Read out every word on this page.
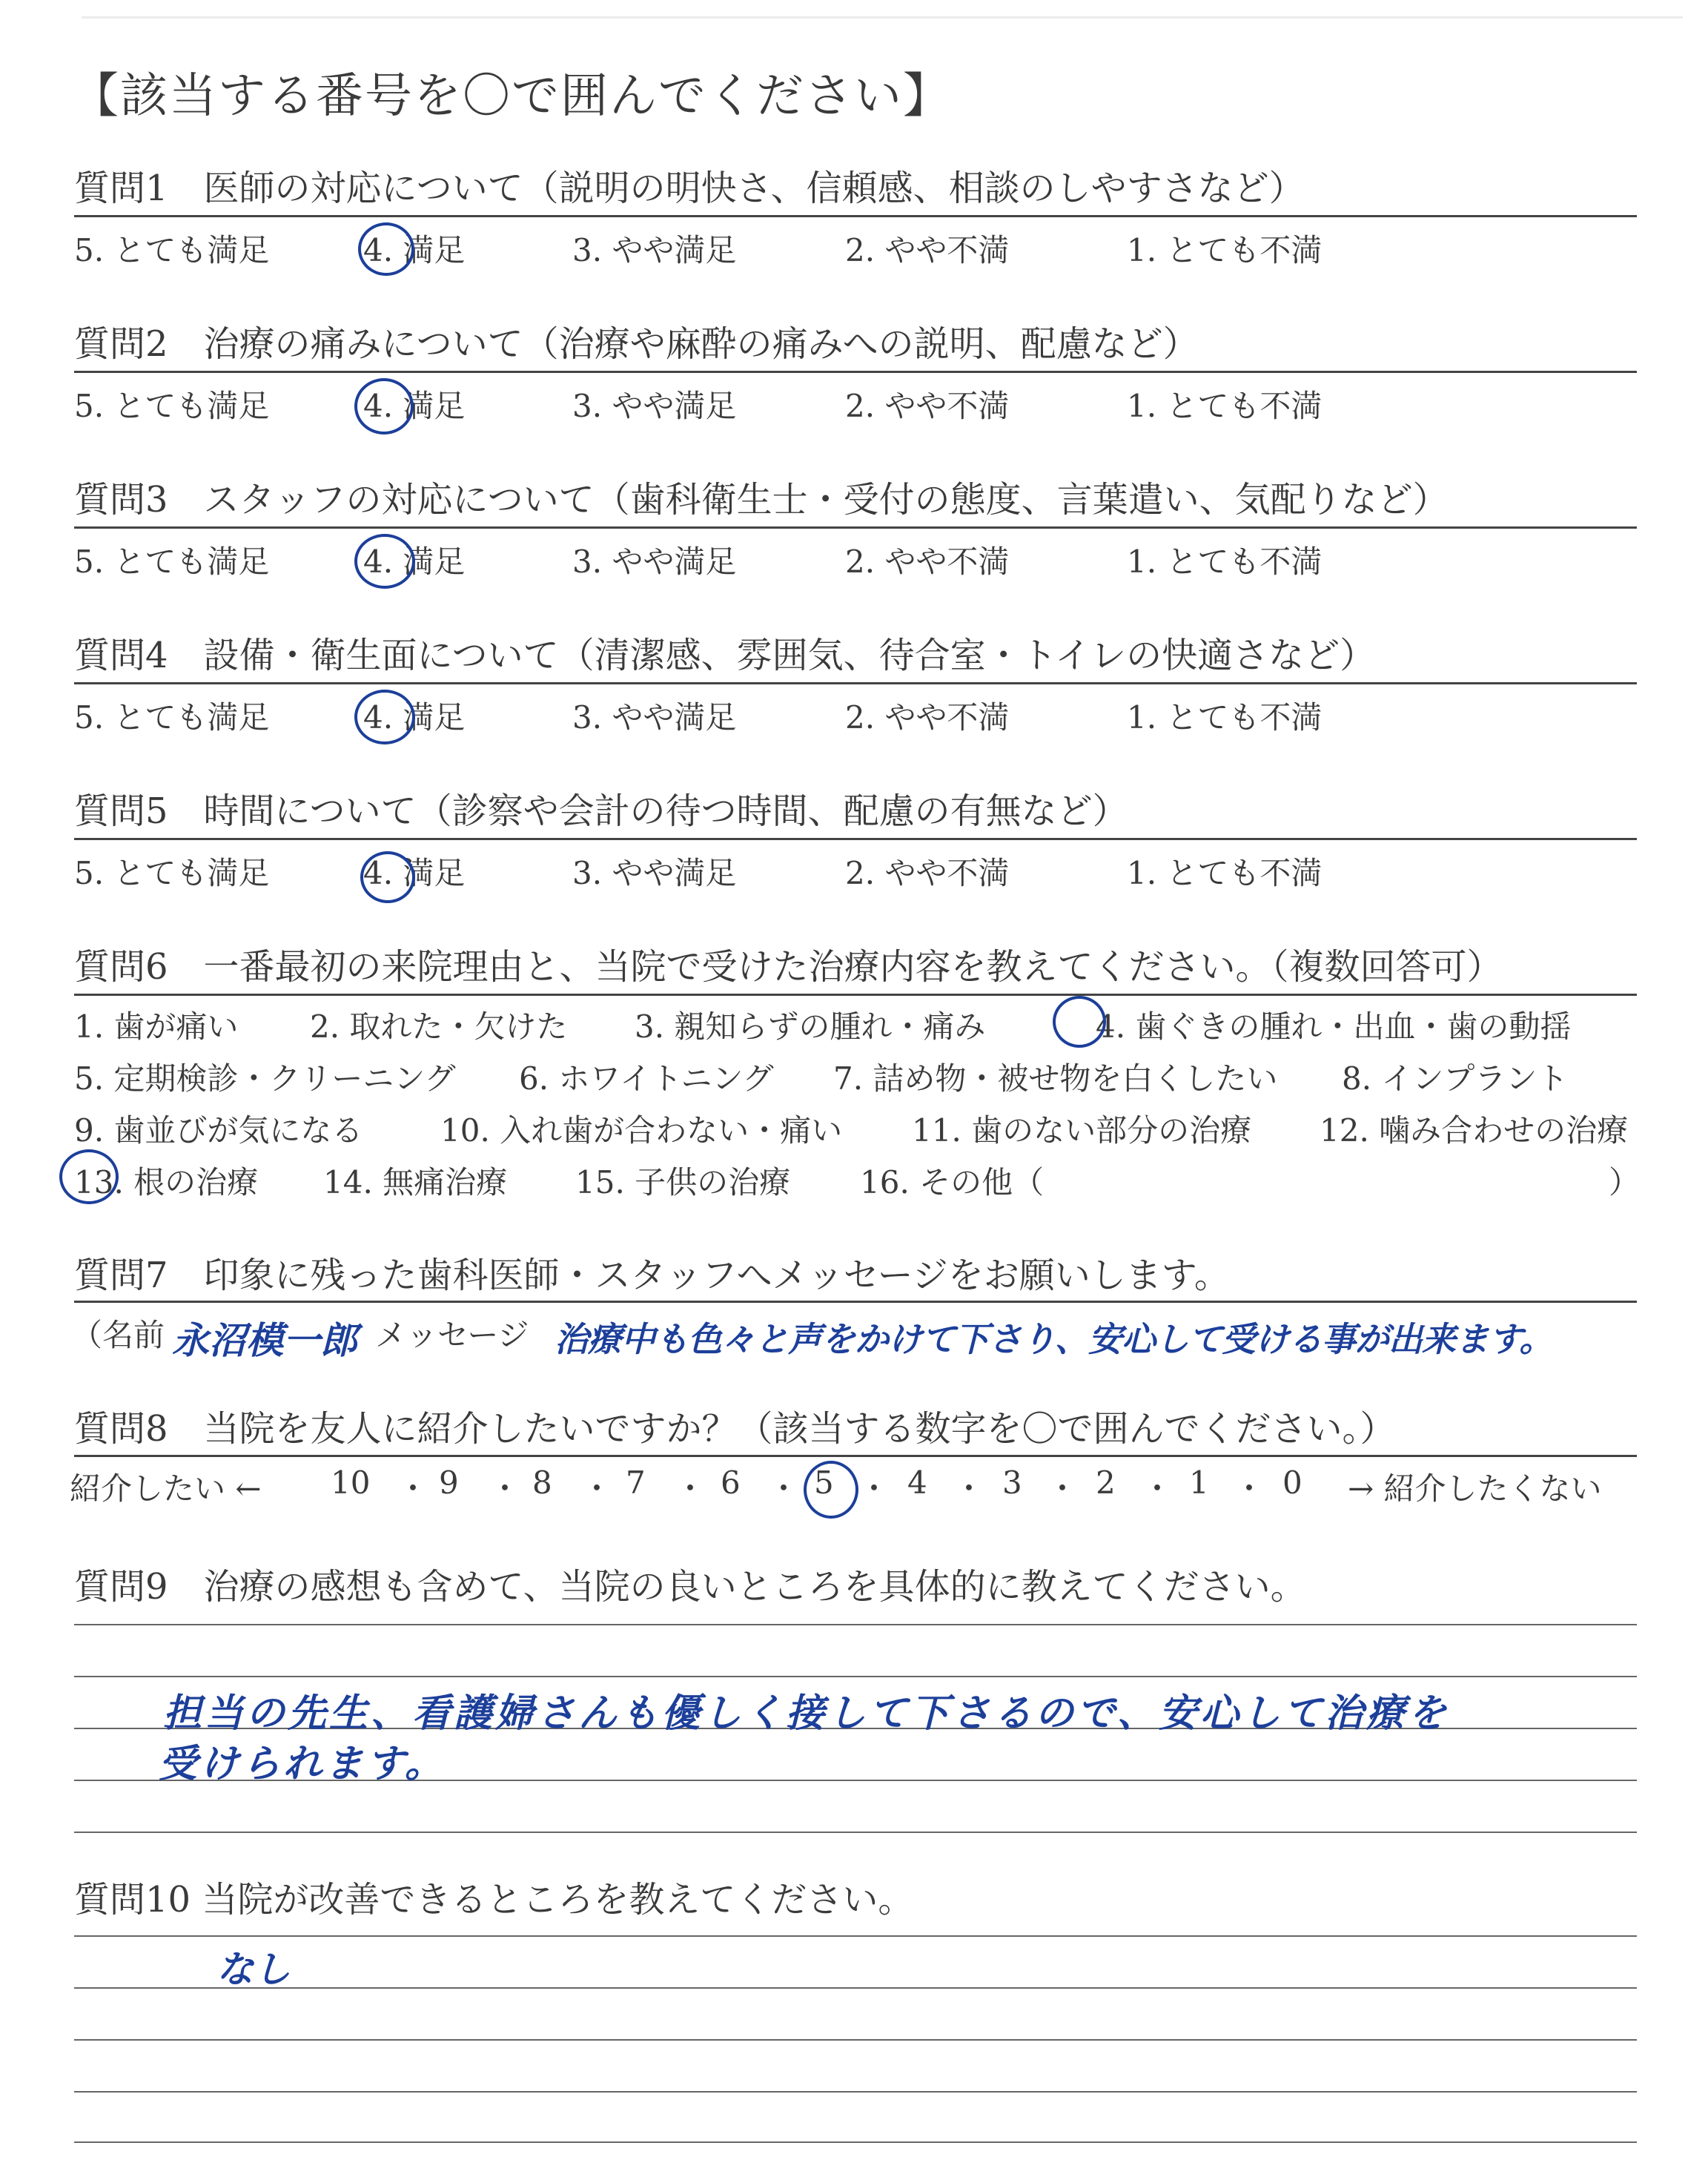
【該当する番号を〇で囲んでください】
質問1　医師の対応について（説明の明快さ、信頼感、相談のしやすさなど）
5. とても満足	4. 満足	3. やや満足	2. やや不満	1. とても不満
質問2　治療の痛みについて（治療や麻酔の痛みへの説明、配慮など）
5. とても満足	4. 満足	3. やや満足	2. やや不満	1. とても不満
質問3　スタッフの対応について（歯科衛生士・受付の態度、言葉遣い、気配りなど）
5. とても満足	4. 満足	3. やや満足	2. やや不満	1. とても不満
質問4　設備・衛生面について（清潔感、雰囲気、待合室・トイレの快適さなど）
5. とても満足	4. 満足	3. やや満足	2. やや不満	1. とても不満
質問5　時間について（診察や会計の待つ時間、配慮の有無など）
5. とても満足	4. 満足	3. やや満足	2. やや不満	1. とても不満
質問6　一番最初の来院理由と、当院で受けた治療内容を教えてください。（複数回答可）
1. 歯が痛い 2. 取れた・欠けた 3. 親知らずの腫れ・痛み	4. 歯ぐきの腫れ・出血・歯の動揺
5. 定期検診・クリーニング 6. ホワイトニング 7. 詰め物・被せ物を白くしたい 8. インプラント
9. 歯並びが気になる 10. 入れ歯が合わない・痛い 11. 歯のない部分の治療 12. 噛み合わせの治療
13. 根の治療 14. 無痛治療 15. 子供の治療 16. その他（	）
質問7　印象に残った歯科医師・スタッフへメッセージをお願いします。
（名前	メッセージ
永沼模一郎	治療中も色々と声をかけて下さり、安心して受ける事が出来ます。
質問8　当院を友人に紹介したいですか？（該当する数字を〇で囲んでください。）
紹介したい ← 10 ・ 9 ・ 8 ・ 7 ・ 6 ・ 5 ・ 4 ・ 3 ・ 2 ・ 1 ・ 0 → 紹介したくない
質問9　治療の感想も含めて、当院の良いところを具体的に教えてください。
担当の先生、看護婦さんも優しく接して下さるので、安心して治療を
受けられます。
質問10 当院が改善できるところを教えてください。
なし
